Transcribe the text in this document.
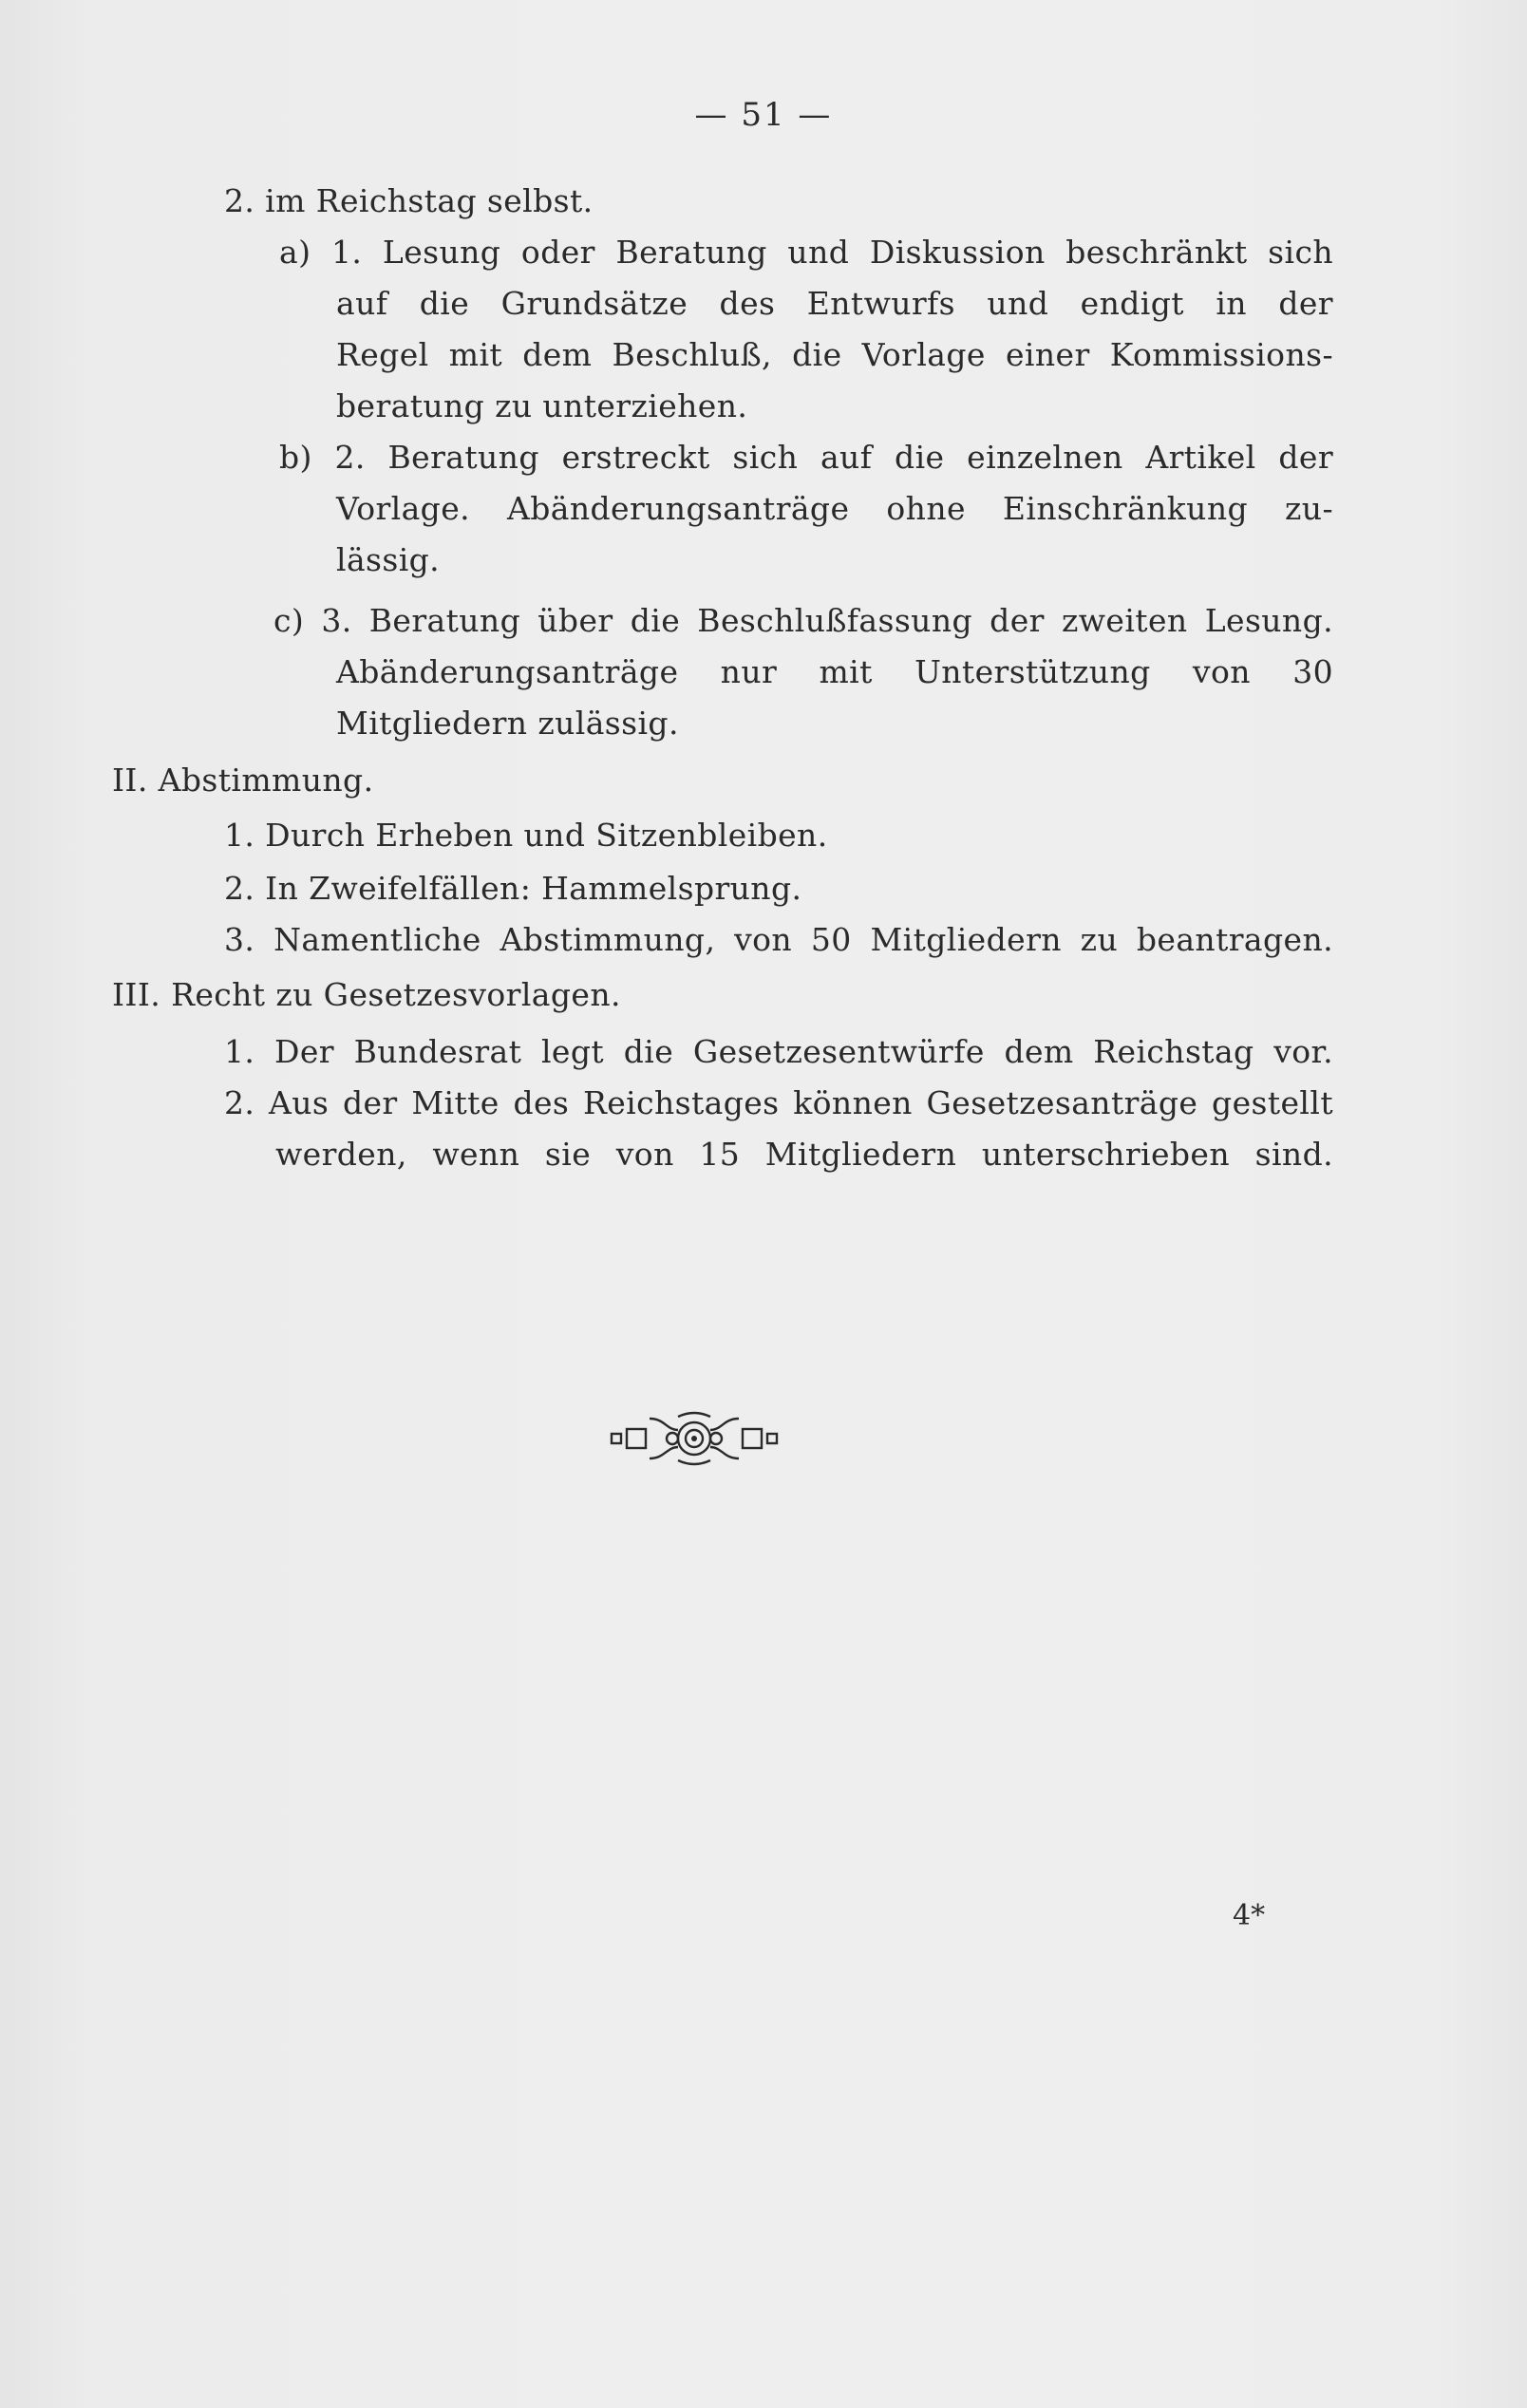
— 51 —
2. im Reichstag selbst.
a) 1. Lesung oder Beratung und Diskussion beschränkt sich
auf die Grundsätze des Entwurfs und endigt in der
Regel mit dem Beschluß, die Vorlage einer Kommissions-
beratung zu unterziehen.
b) 2. Beratung erstreckt sich auf die einzelnen Artikel der
Vorlage. Abänderungsanträge ohne Einschränkung zu-
lässig.
c) 3. Beratung über die Beschlußfassung der zweiten Lesung.
Abänderungsanträge nur mit Unterstützung von 30
Mitgliedern zulässig.
II. Abstimmung.
1. Durch Erheben und Sitzenbleiben.
2. In Zweifelfällen: Hammelsprung.
3. Namentliche Abstimmung, von 50 Mitgliedern zu beantragen.
III. Recht zu Gesetzesvorlagen.
1. Der Bundesrat legt die Gesetzesentwürfe dem Reichstag vor.
2. Aus der Mitte des Reichstages können Gesetzesanträge gestellt
werden, wenn sie von 15 Mitgliedern unterschrieben sind.
4*
